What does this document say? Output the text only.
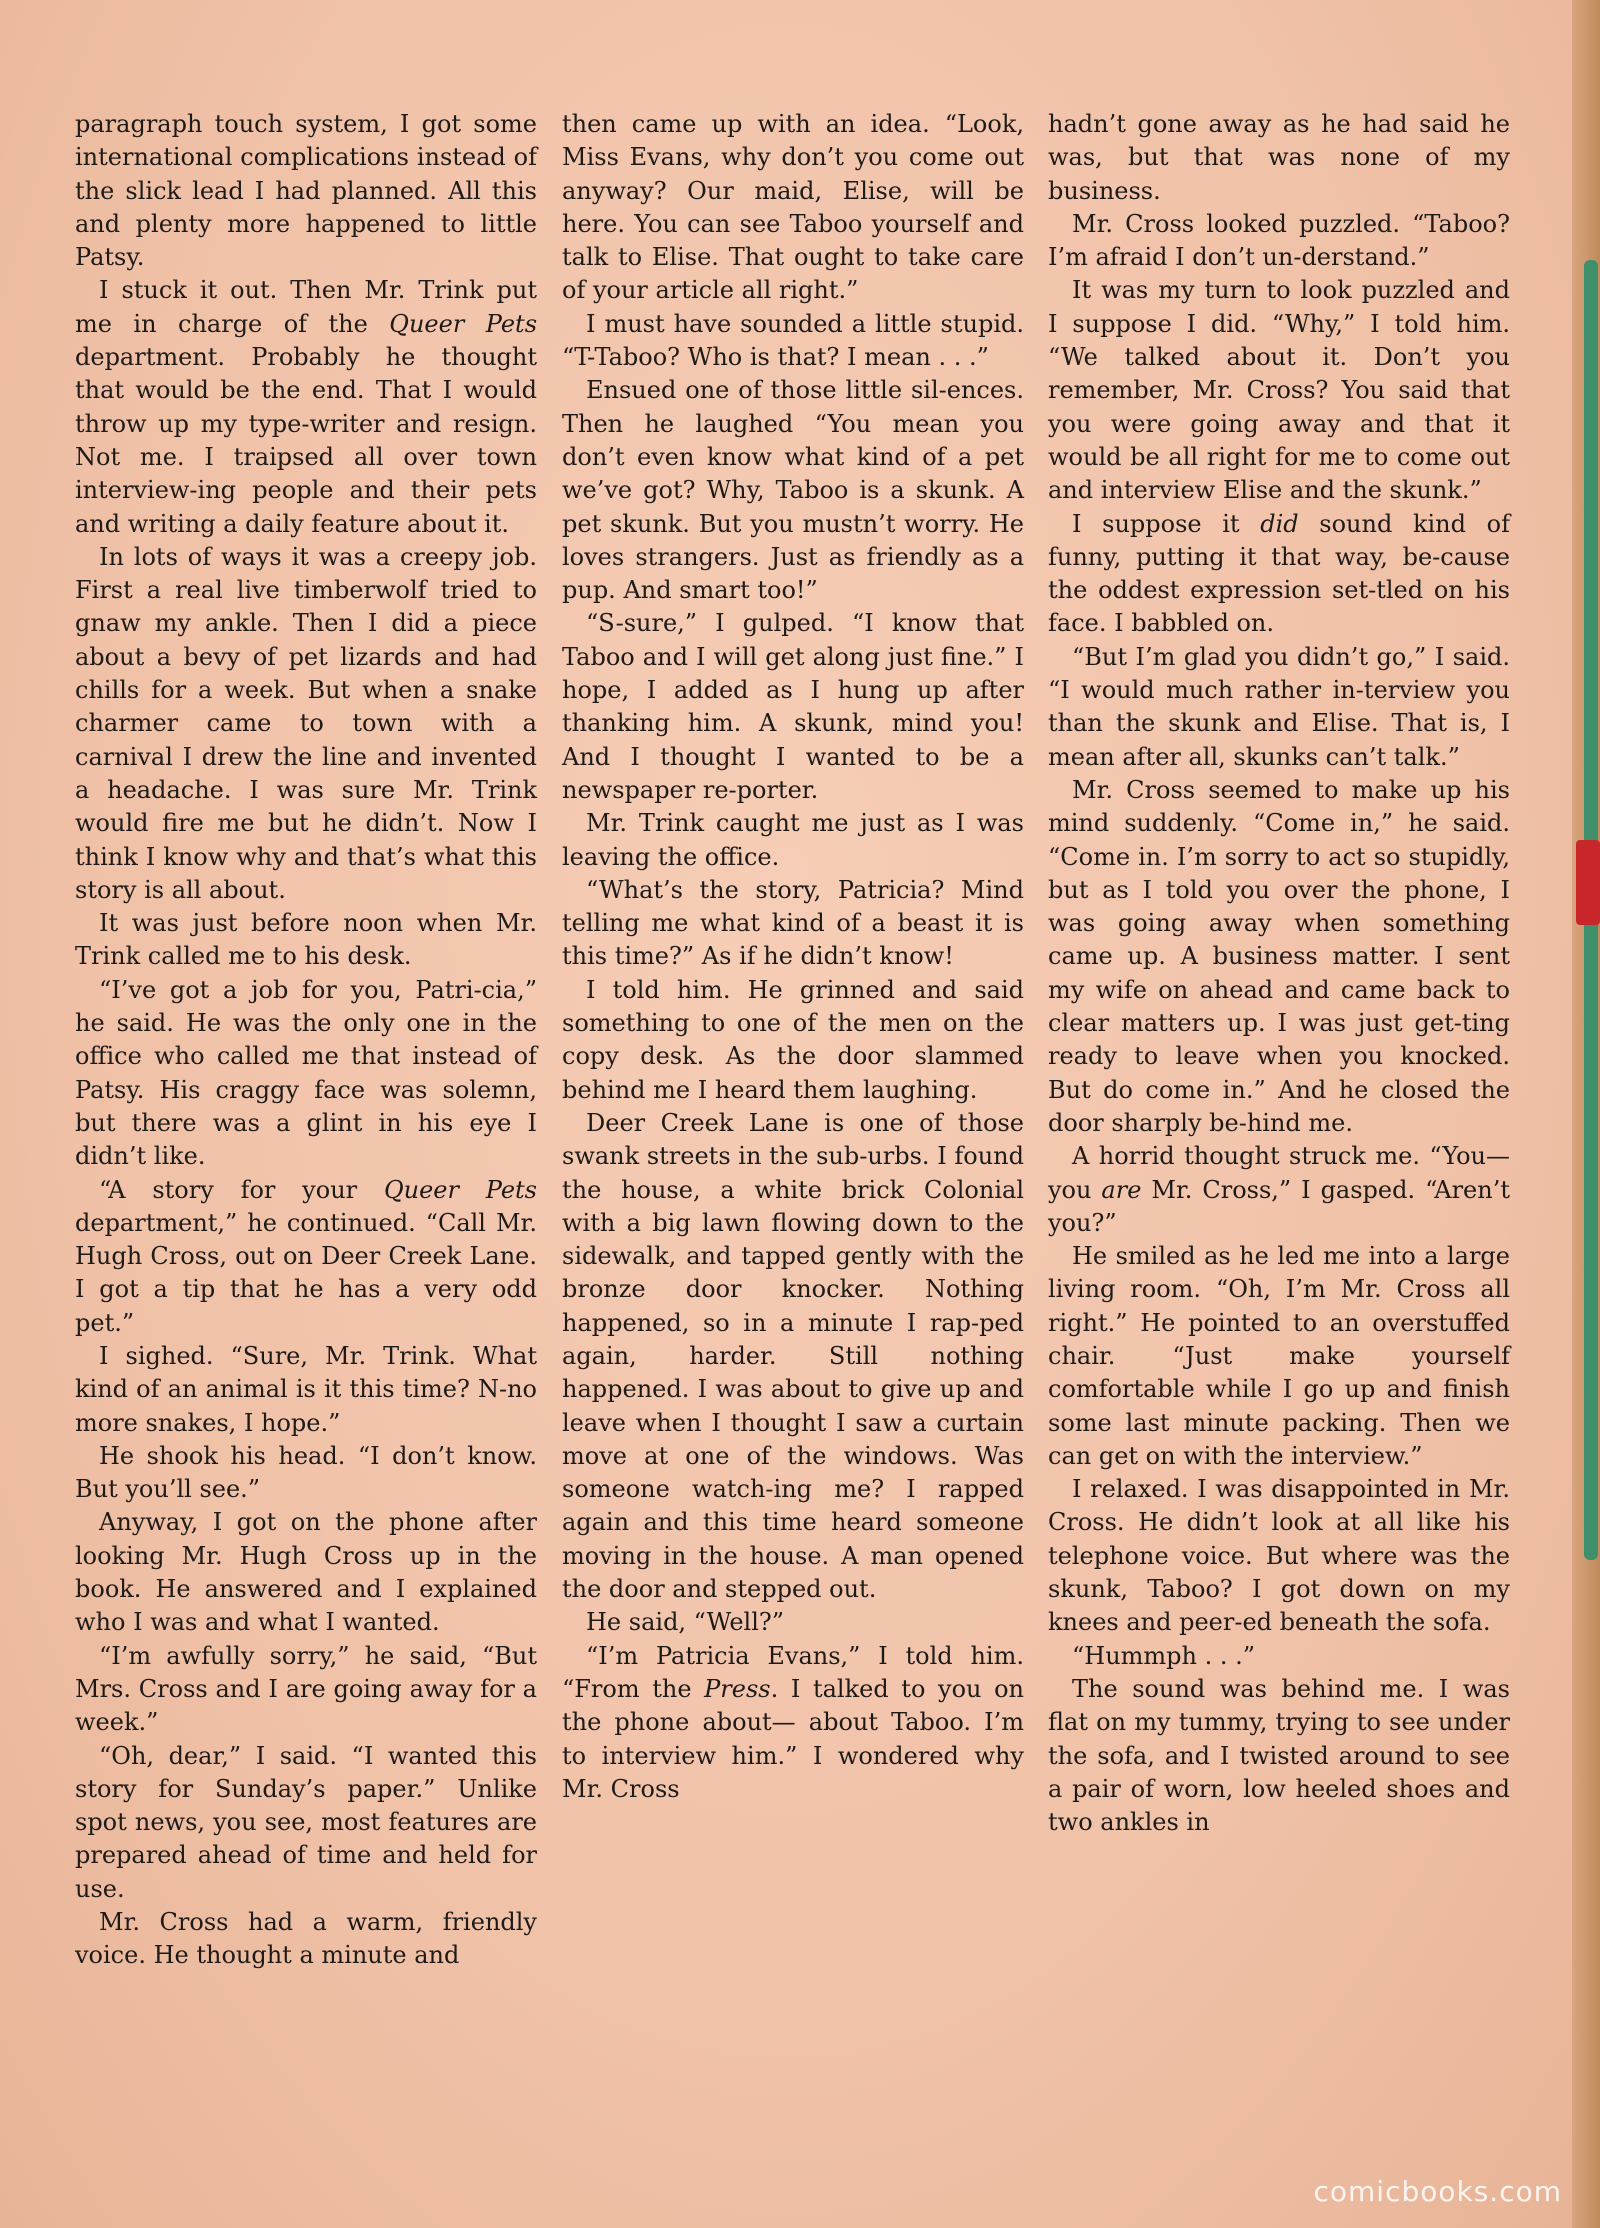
paragraph touch system, I got some international complications instead of the slick lead I had planned. All this and plenty more happened to little Patsy.

I stuck it out. Then Mr. Trink put me in charge of the Queer Pets department. Probably he thought that would be the end. That I would throw up my type-writer and resign. Not me. I traipsed all over town interview-ing people and their pets and writing a daily feature about it.

In lots of ways it was a creepy job. First a real live timberwolf tried to gnaw my ankle. Then I did a piece about a bevy of pet lizards and had chills for a week. But when a snake charmer came to town with a carnival I drew the line and invented a headache. I was sure Mr. Trink would fire me but he didn’t. Now I think I know why and that’s what this story is all about.

It was just before noon when Mr. Trink called me to his desk.

“I’ve got a job for you, Patri-cia,” he said. He was the only one in the office who called me that instead of Patsy. His craggy face was solemn, but there was a glint in his eye I didn’t like.

“A story for your Queer Pets department,” he continued. “Call Mr. Hugh Cross, out on Deer Creek Lane. I got a tip that he has a very odd pet.”

I sighed. “Sure, Mr. Trink. What kind of an animal is it this time? N-no more snakes, I hope.”

He shook his head. “I don’t know. But you’ll see.”

Anyway, I got on the phone after looking Mr. Hugh Cross up in the book. He answered and I explained who I was and what I wanted.

“I’m awfully sorry,” he said, “But Mrs. Cross and I are going away for a week.”

“Oh, dear,” I said. “I wanted this story for Sunday’s paper.” Unlike spot news, you see, most features are prepared ahead of time and held for use.

Mr. Cross had a warm, friendly voice. He thought a minute and

then came up with an idea. “Look, Miss Evans, why don’t you come out anyway? Our maid, Elise, will be here. You can see Taboo yourself and talk to Elise. That ought to take care of your article all right.”

I must have sounded a little stupid. “T-Taboo? Who is that? I mean . . .”

Ensued one of those little sil-ences. Then he laughed “You mean you don’t even know what kind of a pet we’ve got? Why, Taboo is a skunk. A pet skunk. But you mustn’t worry. He loves strangers. Just as friendly as a pup. And smart too!”

“S-sure,” I gulped. “I know that Taboo and I will get along just fine.” I hope, I added as I hung up after thanking him. A skunk, mind you! And I thought I wanted to be a newspaper re-porter.

Mr. Trink caught me just as I was leaving the office.

“What’s the story, Patricia? Mind telling me what kind of a beast it is this time?” As if he didn’t know!

I told him. He grinned and said something to one of the men on the copy desk. As the door slammed behind me I heard them laughing.

Deer Creek Lane is one of those swank streets in the sub-urbs. I found the house, a white brick Colonial with a big lawn flowing down to the sidewalk, and tapped gently with the bronze door knocker. Nothing happened, so in a minute I rap-ped again, harder. Still nothing happened. I was about to give up and leave when I thought I saw a curtain move at one of the windows. Was someone watch-ing me? I rapped again and this time heard someone moving in the house. A man opened the door and stepped out.

He said, “Well?”

“I’m Patricia Evans,” I told him. “From the Press. I talked to you on the phone about— about Taboo. I’m to interview him.” I wondered why Mr. Cross

hadn’t gone away as he had said he was, but that was none of my business.

Mr. Cross looked puzzled. “Taboo? I’m afraid I don’t un-derstand.”

It was my turn to look puzzled and I suppose I did. “Why,” I told him. “We talked about it. Don’t you remember, Mr. Cross? You said that you were going away and that it would be all right for me to come out and interview Elise and the skunk.”

I suppose it did sound kind of funny, putting it that way, be-cause the oddest expression set-tled on his face. I babbled on.

“But I’m glad you didn’t go,” I said. “I would much rather in-terview you than the skunk and Elise. That is, I mean after all, skunks can’t talk.”

Mr. Cross seemed to make up his mind suddenly. “Come in,” he said. “Come in. I’m sorry to act so stupidly, but as I told you over the phone, I was going away when something came up. A business matter. I sent my wife on ahead and came back to clear matters up. I was just get-ting ready to leave when you knocked. But do come in.” And he closed the door sharply be-hind me.

A horrid thought struck me. “You—you are Mr. Cross,” I gasped. “Aren’t you?”

He smiled as he led me into a large living room. “Oh, I’m Mr. Cross all right.” He pointed to an overstuffed chair. “Just make yourself comfortable while I go up and finish some last minute packing. Then we can get on with the interview.”

I relaxed. I was disappointed in Mr. Cross. He didn’t look at all like his telephone voice. But where was the skunk, Taboo? I got down on my knees and peer-ed beneath the sofa.

“Hummph . . .”

The sound was behind me. I was flat on my tummy, trying to see under the sofa, and I twisted around to see a pair of worn, low heeled shoes and two ankles in

comicbooks.com
